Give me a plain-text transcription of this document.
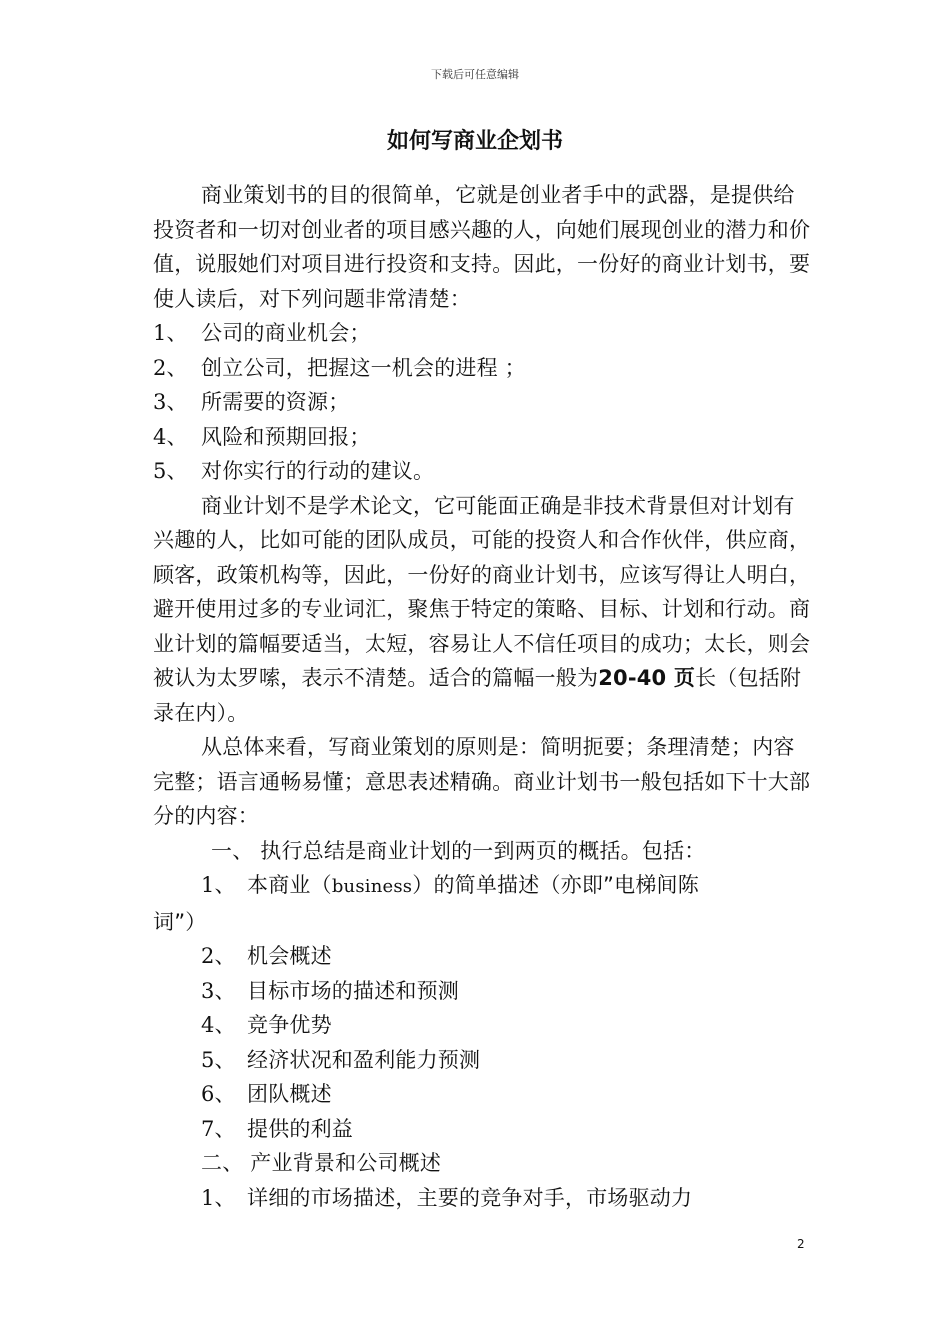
下载后可任意编辑
如何写商业企划书

商业策划书的目的很简单，它就是创业者手中的武器，是提供给投资者和一切对创业者的项目感兴趣的人，向她们展现创业的潜力和价值，说服她们对项目进行投资和支持。因此，一份好的商业计划书，要使人读后，对下列问题非常清楚：

1、 公司的商业机会；

2、 创立公司，把握这一机会的进程 ；

3、 所需要的资源；

4、 风险和预期回报；

5、 对你实行的行动的建议。

商业计划不是学术论文，它可能面正确是非技术背景但对计划有兴趣的人，比如可能的团队成员，可能的投资人和合作伙伴，供应商，顾客，政策机构等，因此，一份好的商业计划书，应该写得让人明白，避开使用过多的专业词汇，聚焦于特定的策略、目标、计划和行动。商业计划的篇幅要适当，太短，容易让人不信任项目的成功；太长，则会被认为太罗嗦，表示不清楚。适合的篇幅一般为20-40 页长（包括附录在内）。

从总体来看，写商业策划的原则是：简明扼要；条理清楚；内容完整；语言通畅易懂；意思表述精确。商业计划书一般包括如下十大部分的内容：

一、 执行总结是商业计划的一到两页的概括。包括：

1、 本商业（business）的简单描述（亦即”电梯间陈

词”）

2、 机会概述

3、 目标市场的描述和预测

4、 竞争优势

5、 经济状况和盈利能力预测

6、 团队概述

7、 提供的利益

二、 产业背景和公司概述

1、 详细的市场描述，主要的竞争对手，市场驱动力

2
